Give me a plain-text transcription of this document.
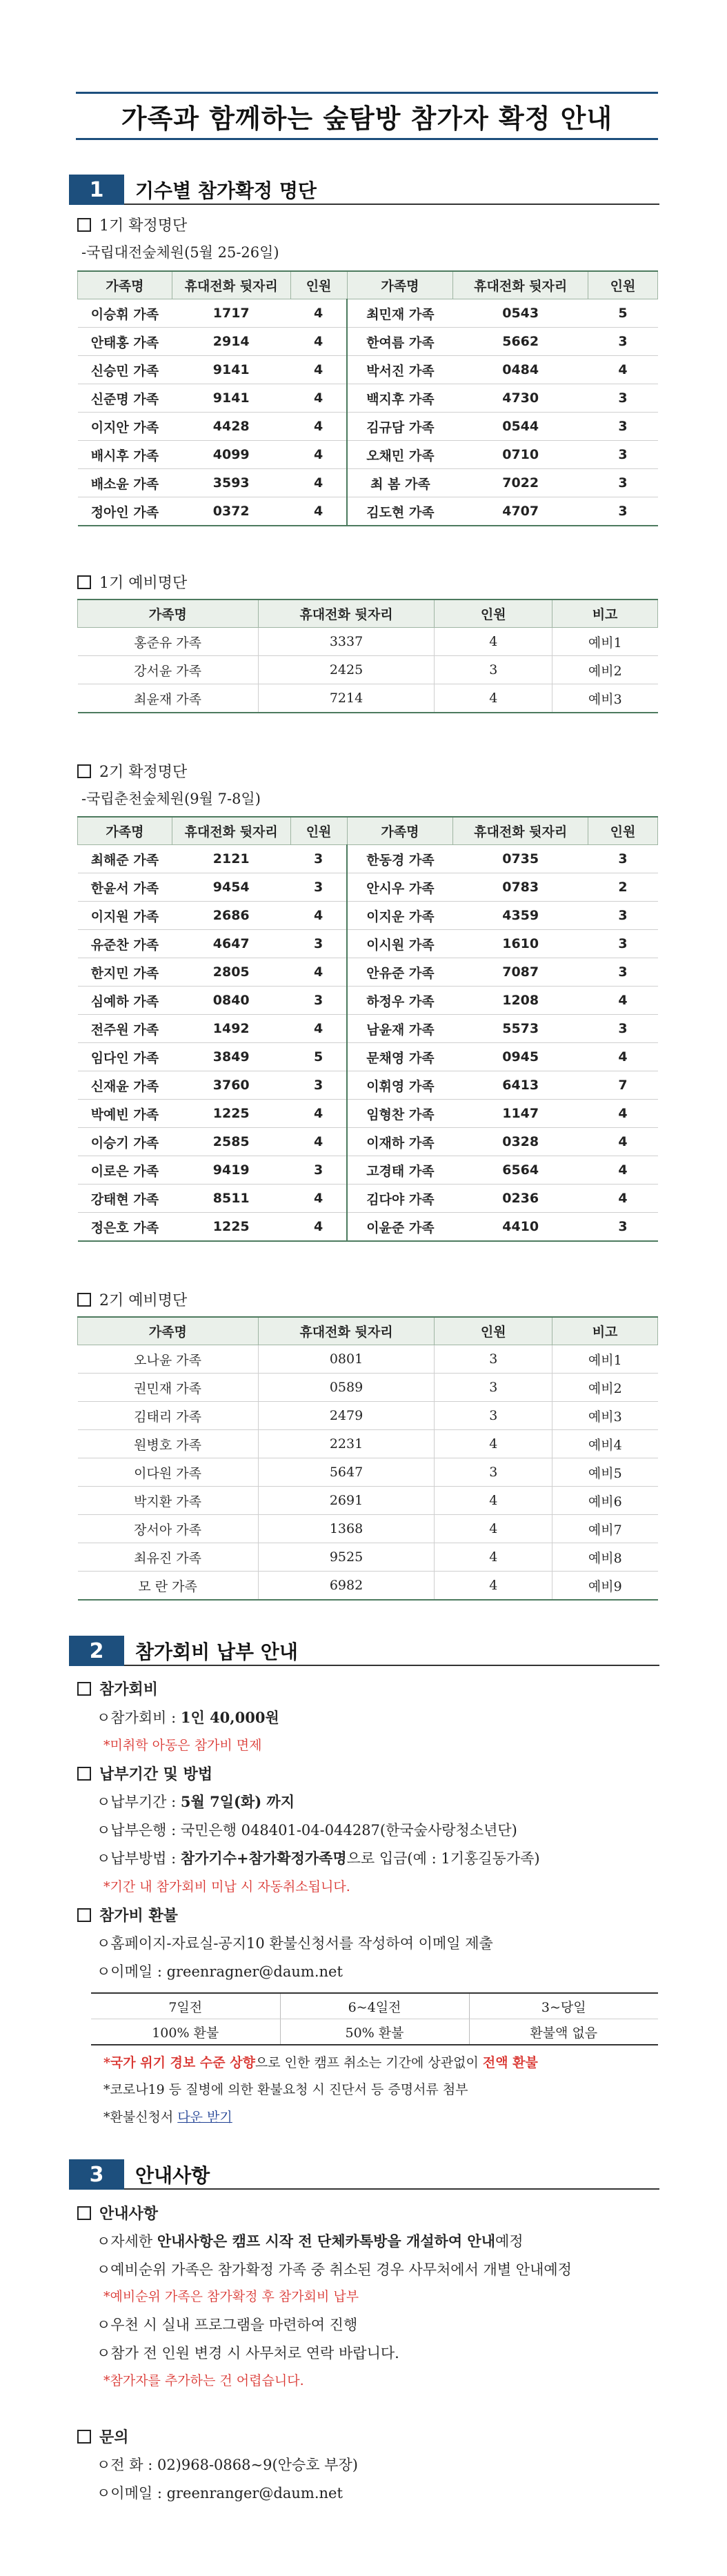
가족과 함께하는 숲탐방 참가자 확정 안내
1	기수별 참가확정 명단
1기 확정명단
-국립대전숲체원(5월 25-26일)
가족명	휴대전화 뒷자리	인원	가족명	휴대전화 뒷자리	인원
이승휘 가족	1717	4	최민재 가족	0543	5
안태홍 가족	2914	4	한여름 가족	5662	3
신승민 가족	9141	4	박서진 가족	0484	4
신준명 가족	9141	4	백지후 가족	4730	3
이지안 가족	4428	4	김규담 가족	0544	3
배시후 가족	4099	4	오채민 가족	0710	3
배소윤 가족	3593	4	최 봄 가족	7022	3
정아인 가족	0372	4	김도현 가족	4707	3
1기 예비명단
가족명	휴대전화 뒷자리	인원	비고
홍준유 가족	3337	4	예비1
강서윤 가족	2425	3	예비2
최윤재 가족	7214	4	예비3
2기 확정명단
-국립춘천숲체원(9월 7-8일)
가족명	휴대전화 뒷자리	인원	가족명	휴대전화 뒷자리	인원
최해준 가족	2121	3	한동경 가족	0735	3
한윤서 가족	9454	3	안시우 가족	0783	2
이지원 가족	2686	4	이지운 가족	4359	3
유준찬 가족	4647	3	이시원 가족	1610	3
한지민 가족	2805	4	안유준 가족	7087	3
심예하 가족	0840	3	하정우 가족	1208	4
전주원 가족	1492	4	남윤재 가족	5573	3
임다인 가족	3849	5	문채영 가족	0945	4
신재윤 가족	3760	3	이휘영 가족	6413	7
박예빈 가족	1225	4	임형찬 가족	1147	4
이승기 가족	2585	4	이재하 가족	0328	4
이로은 가족	9419	3	고경태 가족	6564	4
강태현 가족	8511	4	김다야 가족	0236	4
정은호 가족	1225	4	이윤준 가족	4410	3
2기 예비명단
가족명	휴대전화 뒷자리	인원	비고
오나윤 가족	0801	3	예비1
권민재 가족	0589	3	예비2
김태리 가족	2479	3	예비3
원병호 가족	2231	4	예비4
이다원 가족	5647	3	예비5
박지환 가족	2691	4	예비6
장서아 가족	1368	4	예비7
최유진 가족	9525	4	예비8
모 란 가족	6982	4	예비9
2	참가회비 납부 안내
참가회비
ㅇ참가회비 : 1인 40,000원
*미취학 아동은 참가비 면제
납부기간 및 방법
ㅇ납부기간 : 5월 7일(화) 까지
ㅇ납부은행 : 국민은행 048401-04-044287(한국숲사랑청소년단)
ㅇ납부방법 : 참가기수+참가확정가족명으로 입금(예 : 1기홍길동가족)
*기간 내 참가회비 미납 시 자동취소됩니다.
참가비 환불
ㅇ홈페이지-자료실-공지10 환불신청서를 작성하여 이메일 제출
ㅇ이메일 : greenragner@daum.net
7일전	6~4일전	3~당일
100% 환불	50% 환불	환불액 없음
*국가 위기 경보 수준 상향으로 인한 캠프 취소는 기간에 상관없이 전액 환불
*코로나19 등 질병에 의한 환불요청 시 진단서 등 증명서류 첨부
*환불신청서 다운 받기
3	안내사항
안내사항
ㅇ자세한 안내사항은 캠프 시작 전 단체카톡방을 개설하여 안내예정
ㅇ예비순위 가족은 참가확정 가족 중 취소된 경우 사무처에서 개별 안내예정
*예비순위 가족은 참가확정 후 참가회비 납부
ㅇ우천 시 실내 프로그램을 마련하여 진행
ㅇ참가 전 인원 변경 시 사무처로 연락 바랍니다.
*참가자를 추가하는 건 어렵습니다.
문의
ㅇ전 화 : 02)968-0868~9(안승호 부장)
ㅇ이메일 : greenranger@daum.net
